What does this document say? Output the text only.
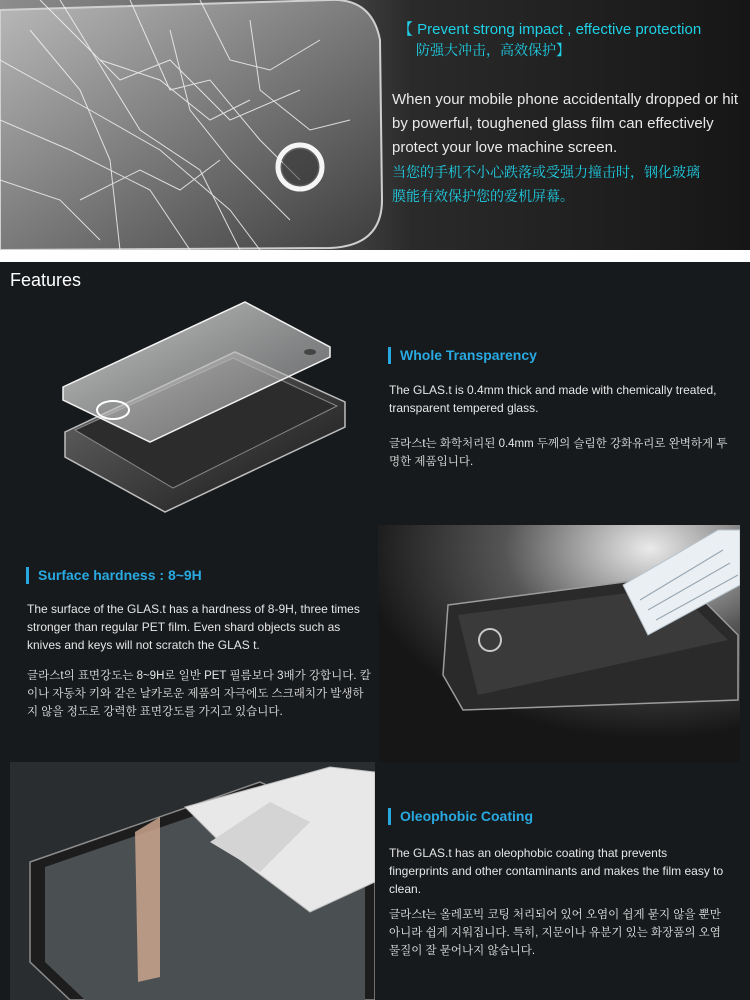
【 Prevent strong impact , effective protection
防强大冲击，高效保护】
When your mobile phone accidentally dropped or hit by powerful, toughened glass film can effectively protect your love machine screen.
当您的手机不小心跌落或受强力撞击时，钢化玻璃膜能有效保护您的爱机屏幕。
Features
Whole Transparency
The GLAS.t is 0.4mm thick and made with chemically treated, transparent tempered glass.
글라스t는 화학처리된 0.4mm 두께의 슬림한 강화유리로 완벽하게 투명한 제품입니다.
Surface hardness : 8~9H
The surface of the GLAS.t has a hardness of 8-9H, three times stronger than regular PET film. Even shard objects such as knives and keys will not scratch the GLAS t.
글라스t의 표면강도는 8~9H로 일반 PET 필름보다 3배가 강합니다. 칼이나 자동차 키와 같은 날카로운 제품의 자극에도 스크래치가 발생하지 않을 정도로 강력한 표면강도를 가지고 있습니다.
Oleophobic Coating
The GLAS.t has an oleophobic coating that prevents fingerprints and other contaminants and makes the film easy to clean.
글라스t는 올레포빅 코팅 처리되어 있어 오염이 쉽게 묻지 않을 뿐만 아니라 쉽게 지워집니다. 특히, 지문이나 유분기 있는 화장품의 오염 물질이 잘 묻어나지 않습니다.
